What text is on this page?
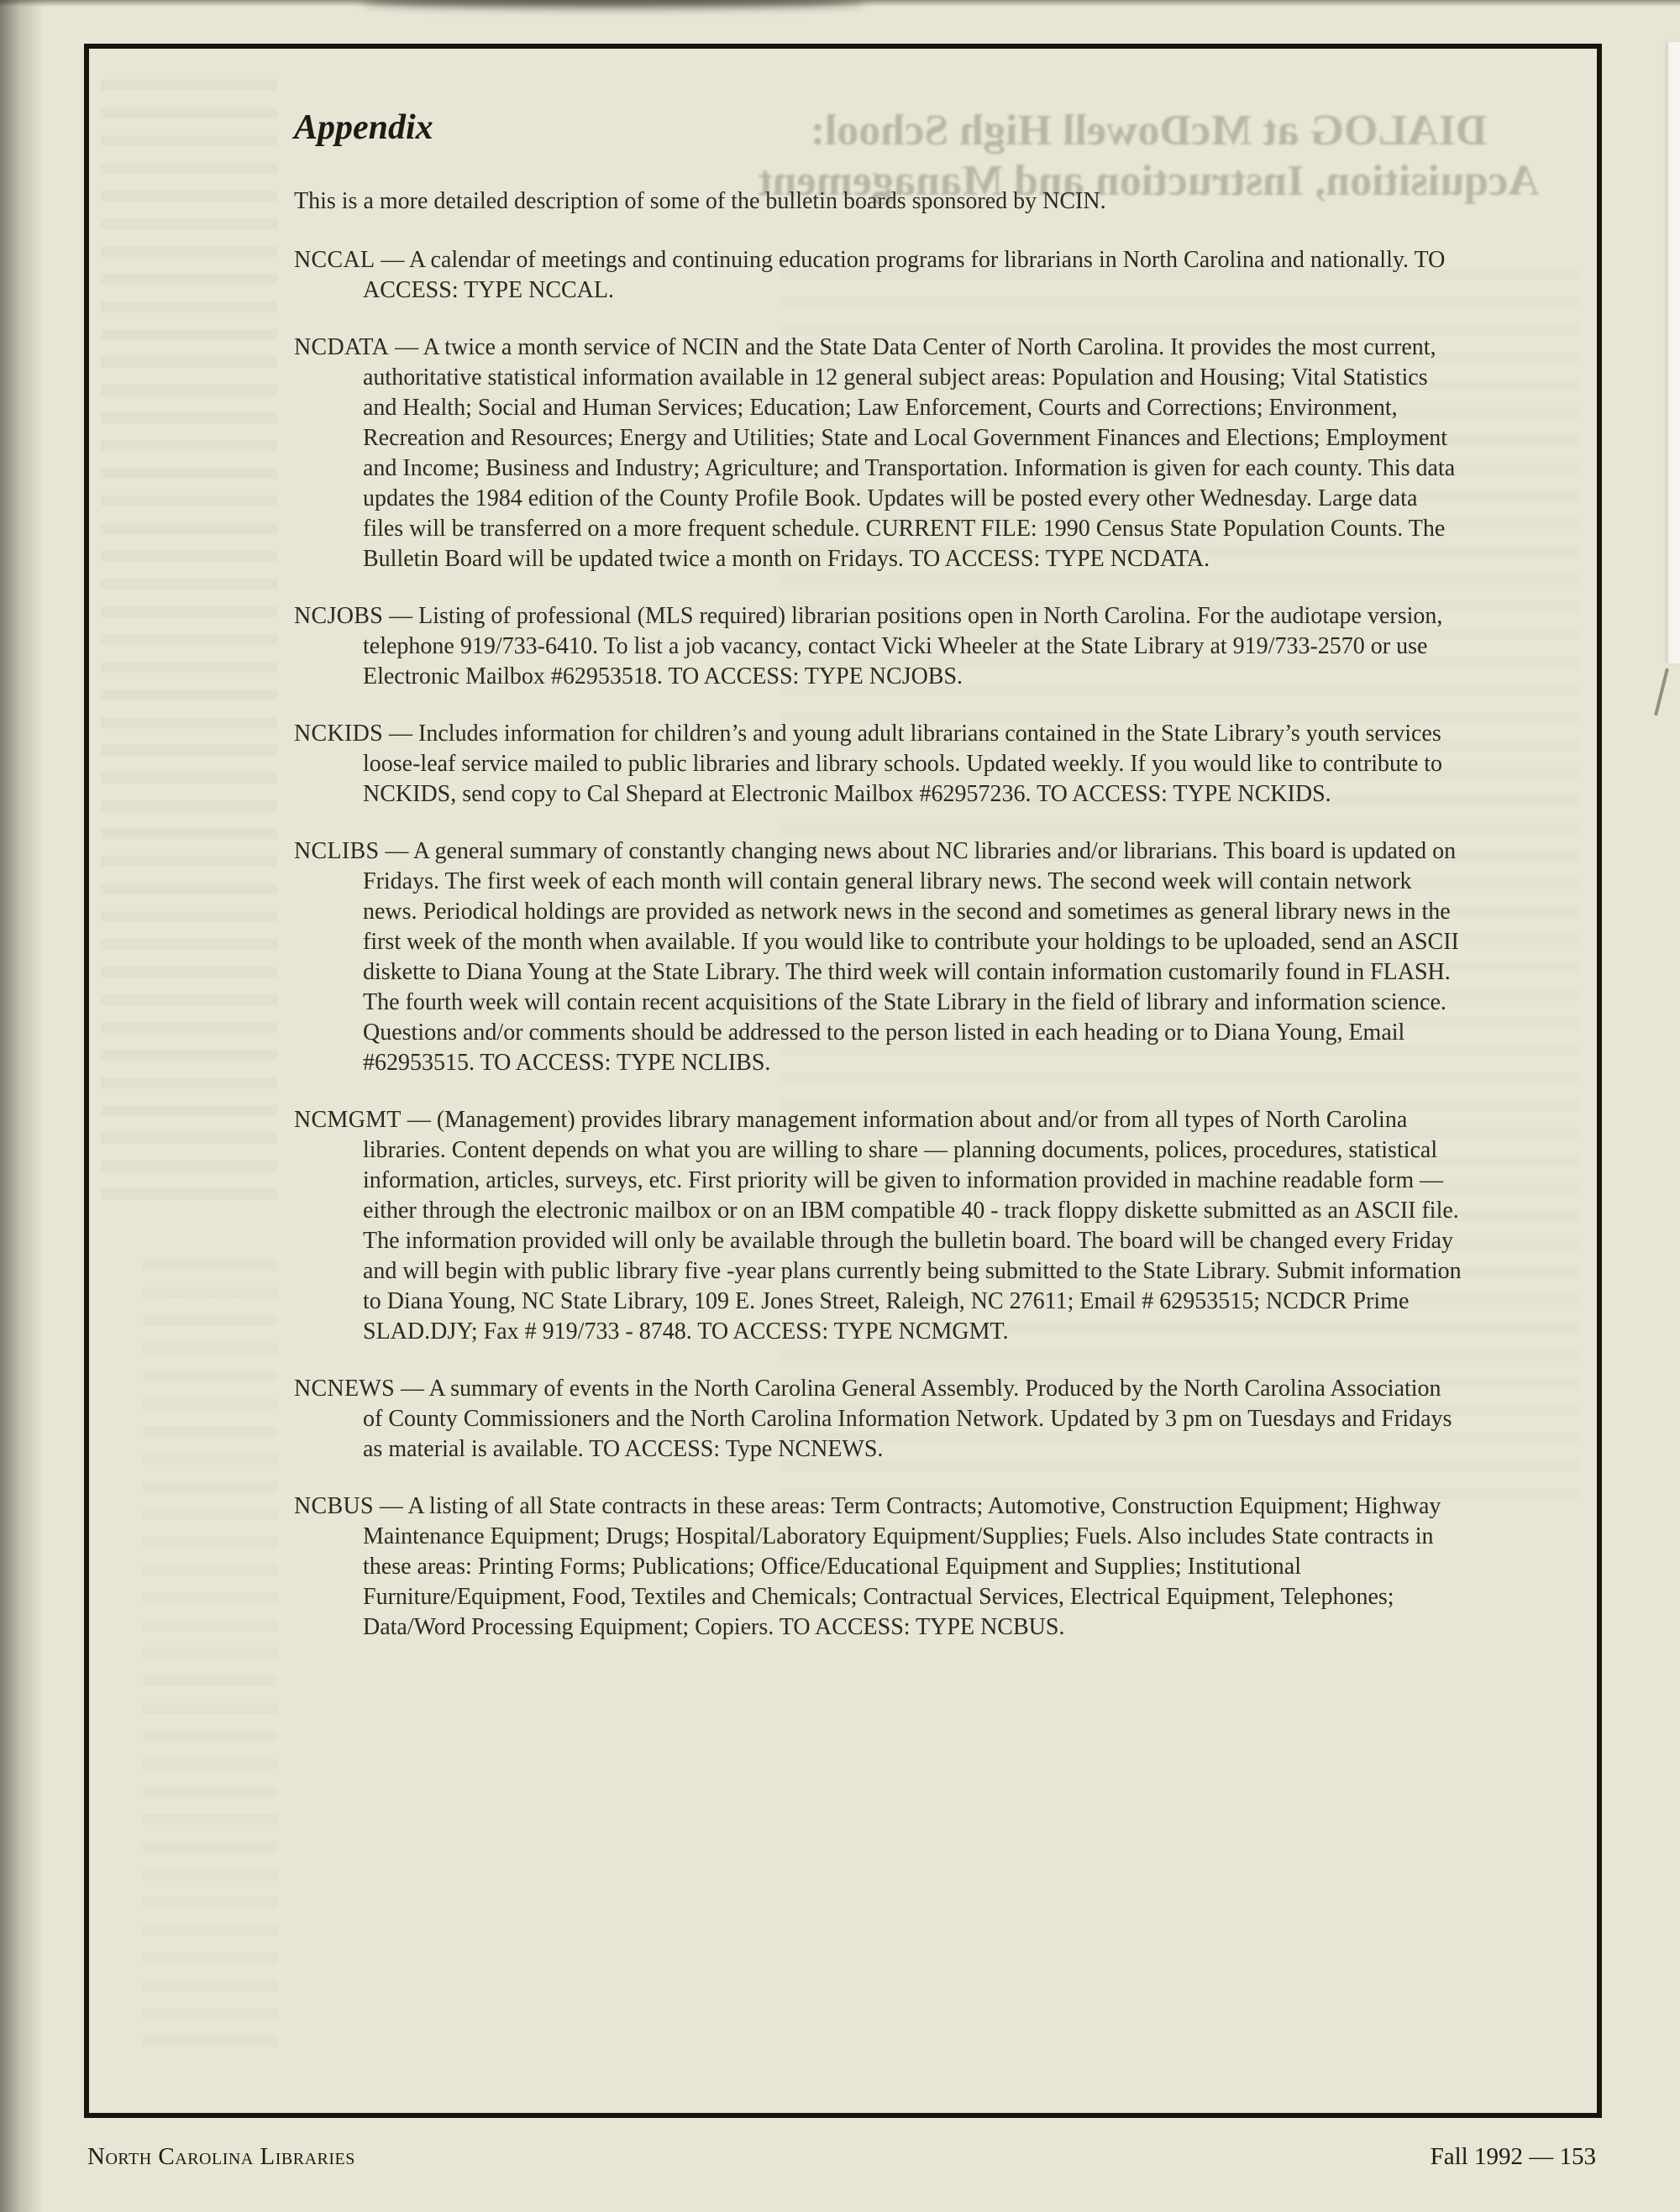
DIALOG at McDowell High School: Acquisition, Instruction and Management
Appendix

This is a more detailed description of some of the bulletin boards sponsored by NCIN.

NCCAL — A calendar of meetings and continuing education programs for librarians in North Carolina and nationally. TO ACCESS: TYPE NCCAL.

NCDATA — A twice a month service of NCIN and the State Data Center of North Carolina. It provides the most current, authoritative statistical information available in 12 general subject areas: Population and Housing; Vital Statistics and Health; Social and Human Services; Education; Law Enforcement, Courts and Corrections; Environment, Recreation and Resources; Energy and Utilities; State and Local Government Finances and Elections; Employment and Income; Business and Industry; Agriculture; and Transportation. Information is given for each county. This data updates the 1984 edition of the County Profile Book. Updates will be posted every other Wednesday. Large data files will be transferred on a more frequent schedule. CURRENT FILE: 1990 Census State Population Counts. The Bulletin Board will be updated twice a month on Fridays. TO ACCESS: TYPE NCDATA.

NCJOBS — Listing of professional (MLS required) librarian positions open in North Carolina. For the audiotape version, telephone 919/733-6410. To list a job vacancy, contact Vicki Wheeler at the State Library at 919/733-2570 or use Electronic Mailbox #62953518. TO ACCESS: TYPE NCJOBS.

NCKIDS — Includes information for children’s and young adult librarians contained in the State Library’s youth services loose-leaf service mailed to public libraries and library schools. Updated weekly. If you would like to contribute to NCKIDS, send copy to Cal Shepard at Electronic Mailbox #62957236. TO ACCESS: TYPE NCKIDS.

NCLIBS — A general summary of constantly changing news about NC libraries and/or librarians. This board is updated on Fridays. The first week of each month will contain general library news. The second week will contain network news. Periodical holdings are provided as network news in the second and sometimes as general library news in the first week of the month when available. If you would like to contribute your holdings to be uploaded, send an ASCII diskette to Diana Young at the State Library. The third week will contain information customarily found in FLASH. The fourth week will contain recent acquisitions of the State Library in the field of library and information science. Questions and/or comments should be addressed to the person listed in each heading or to Diana Young, Email #62953515. TO ACCESS: TYPE NCLIBS.

NCMGMT — (Management) provides library management information about and/or from all types of North Carolina libraries. Content depends on what you are willing to share — planning documents, polices, procedures, statistical information, articles, surveys, etc. First priority will be given to information provided in machine readable form — either through the electronic mailbox or on an IBM compatible 40 - track floppy diskette submitted as an ASCII file. The information provided will only be available through the bulletin board. The board will be changed every Friday and will begin with public library five -year plans currently being submitted to the State Library. Submit information to Diana Young, NC State Library, 109 E. Jones Street, Raleigh, NC 27611; Email # 62953515; NCDCR Prime SLAD.DJY; Fax # 919/733 - 8748. TO ACCESS: TYPE NCMGMT.

NCNEWS — A summary of events in the North Carolina General Assembly. Produced by the North Carolina Association of County Commissioners and the North Carolina Information Network. Updated by 3 pm on Tuesdays and Fridays as material is available. TO ACCESS: Type NCNEWS.

NCBUS — A listing of all State contracts in these areas: Term Contracts; Automotive, Construction Equipment; Highway Maintenance Equipment; Drugs; Hospital/Laboratory Equipment/Supplies; Fuels. Also includes State contracts in these areas: Printing Forms; Publications; Office/Educational Equipment and Supplies; Institutional Furniture/Equipment, Food, Textiles and Chemicals; Contractual Services, Electrical Equipment, Telephones; Data/Word Processing Equipment; Copiers. TO ACCESS: TYPE NCBUS.

North Carolina Libraries	Fall 1992 — 153
